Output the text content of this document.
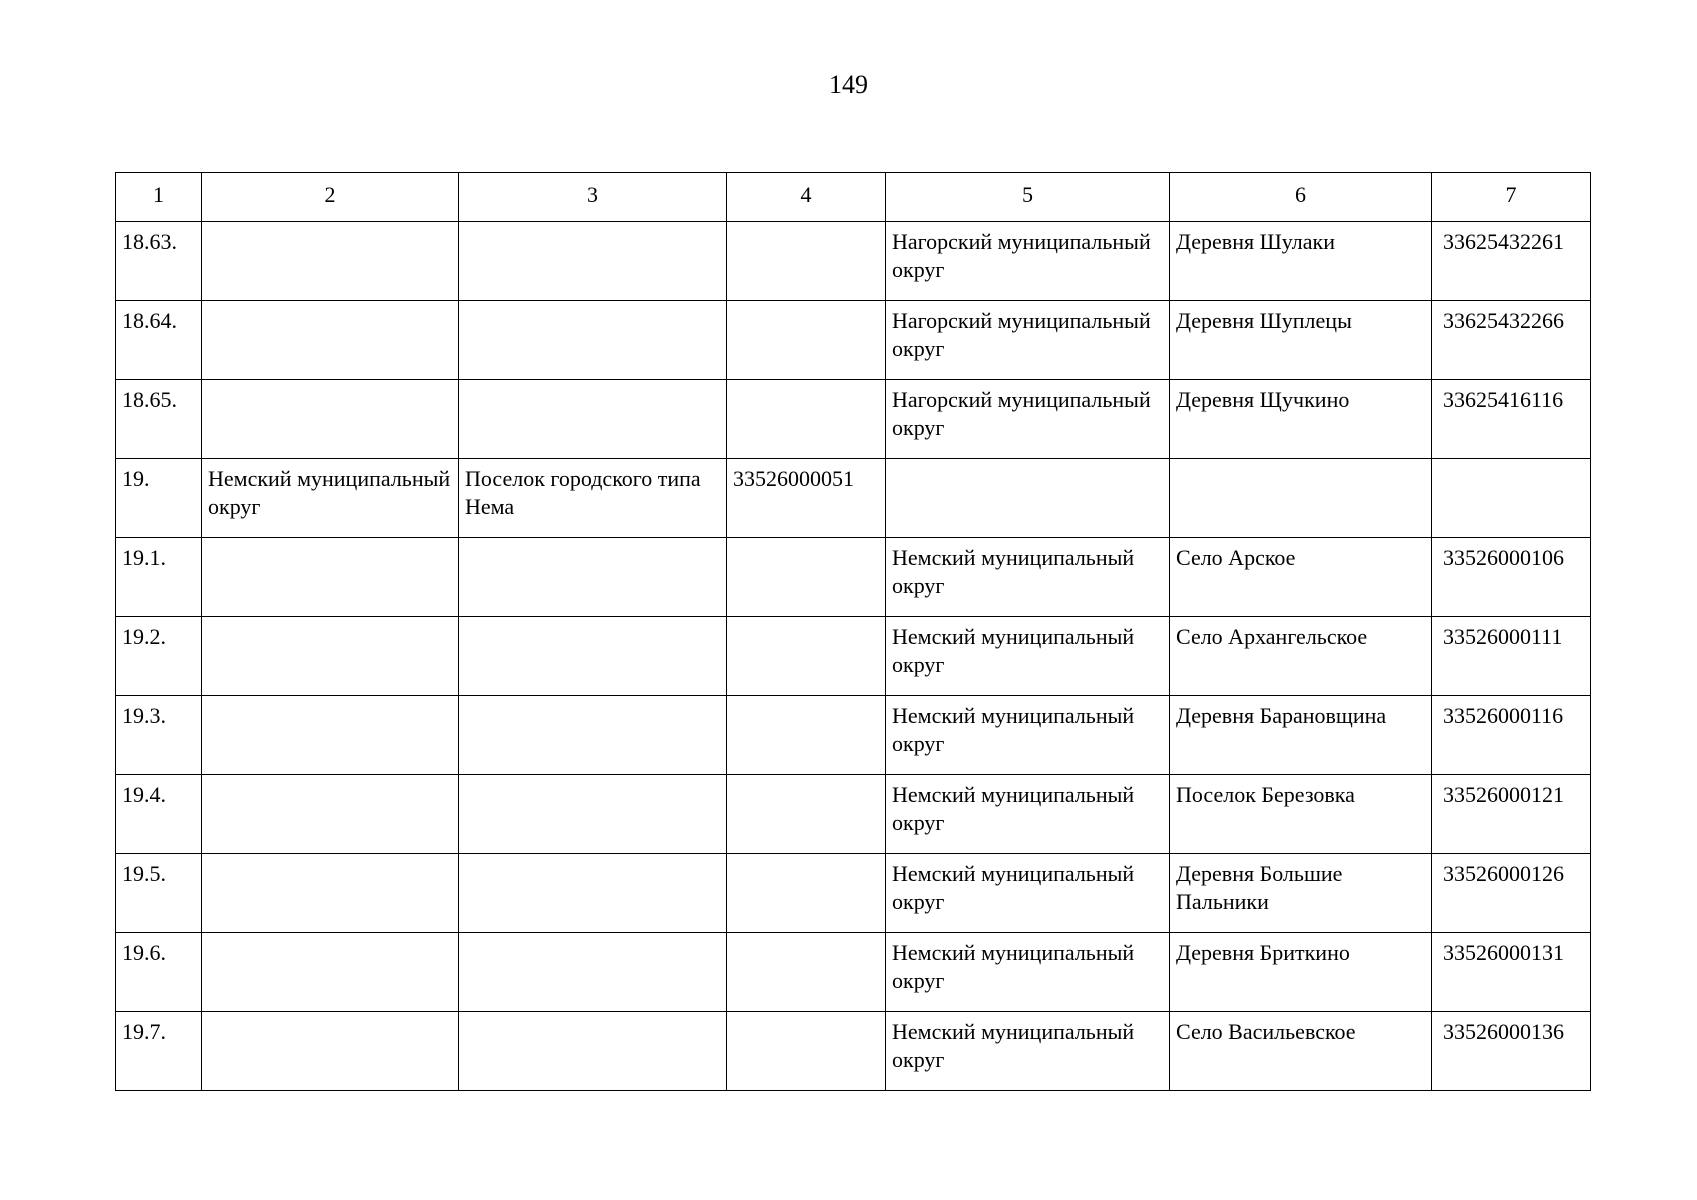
149
1	2	3	4	5	6	7
18.63.				Нагорский муниципальный округ	Деревня Шулаки	33625432261
18.64.				Нагорский муниципальный округ	Деревня Шуплецы	33625432266
18.65.				Нагорский муниципальный округ	Деревня Щучкино	33625416116
19.	Немский муниципальный округ	Поселок городского типа Нема	33526000051			
19.1.				Немский муниципальный округ	Село Арское	33526000106
19.2.				Немский муниципальный округ	Село Архангельское	33526000111
19.3.				Немский муниципальный округ	Деревня Барановщина	33526000116
19.4.				Немский муниципальный округ	Поселок Березовка	33526000121
19.5.				Немский муниципальный округ	Деревня Большие Пальники	33526000126
19.6.				Немский муниципальный округ	Деревня Бриткино	33526000131
19.7.				Немский муниципальный округ	Село Васильевское	33526000136
